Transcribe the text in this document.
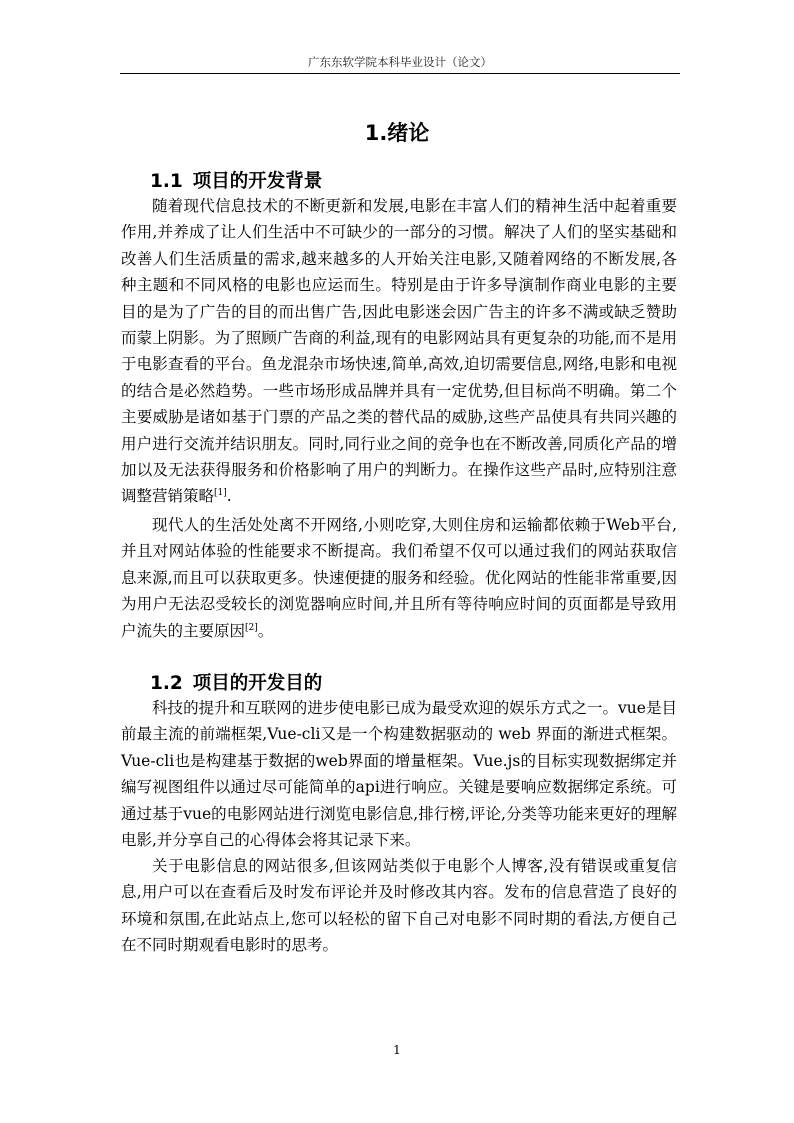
广东东软学院本科毕业设计（论文）
1.绪论
1.1 项目的开发背景

随着现代信息技术的不断更新和发展,电影在丰富人们的精神生活中起着重要作用,并养成了让人们生活中不可缺少的一部分的习惯。解决了人们的坚实基础和改善人们生活质量的需求,越来越多的人开始关注电影,又随着网络的不断发展,各种主题和不同风格的电影也应运而生。特别是由于许多导演制作商业电影的主要目的是为了广告的目的而出售广告,因此电影迷会因广告主的许多不满或缺乏赞助而蒙上阴影。为了照顾广告商的利益,现有的电影网站具有更复杂的功能,而不是用于电影查看的平台。鱼龙混杂市场快速,简单,高效,迫切需要信息,网络,电影和电视的结合是必然趋势。一些市场形成品牌并具有一定优势,但目标尚不明确。第二个主要威胁是诸如基于门票的产品之类的替代品的威胁,这些产品使具有共同兴趣的用户进行交流并结识朋友。同时,同行业之间的竞争也在不断改善,同质化产品的增加以及无法获得服务和价格影响了用户的判断力。在操作这些产品时,应特别注意调整营销策略[1].

现代人的生活处处离不开网络,小则吃穿,大则住房和运输都依赖于Web平台,并且对网站体验的性能要求不断提高。我们希望不仅可以通过我们的网站获取信息来源,而且可以获取更多。快速便捷的服务和经验。优化网站的性能非常重要,因为用户无法忍受较长的浏览器响应时间,并且所有等待响应时间的页面都是导致用户流失的主要原因[2]。

1.2 项目的开发目的

科技的提升和互联网的进步使电影已成为最受欢迎的娱乐方式之一。vue是目前最主流的前端框架,Vue-cli又是一个构建数据驱动的 web 界面的渐进式框架。Vue-cli也是构建基于数据的web界面的增量框架。Vue.js的目标实现数据绑定并编写视图组件以通过尽可能简单的api进行响应。关键是要响应数据绑定系统。可通过基于vue的电影网站进行浏览电影信息,排行榜,评论,分类等功能来更好的理解电影,并分享自己的心得体会将其记录下来。

关于电影信息的网站很多,但该网站类似于电影个人博客,没有错误或重复信息,用户可以在查看后及时发布评论并及时修改其内容。发布的信息营造了良好的环境和氛围,在此站点上,您可以轻松的留下自己对电影不同时期的看法,方便自己在不同时期观看电影时的思考。

1
